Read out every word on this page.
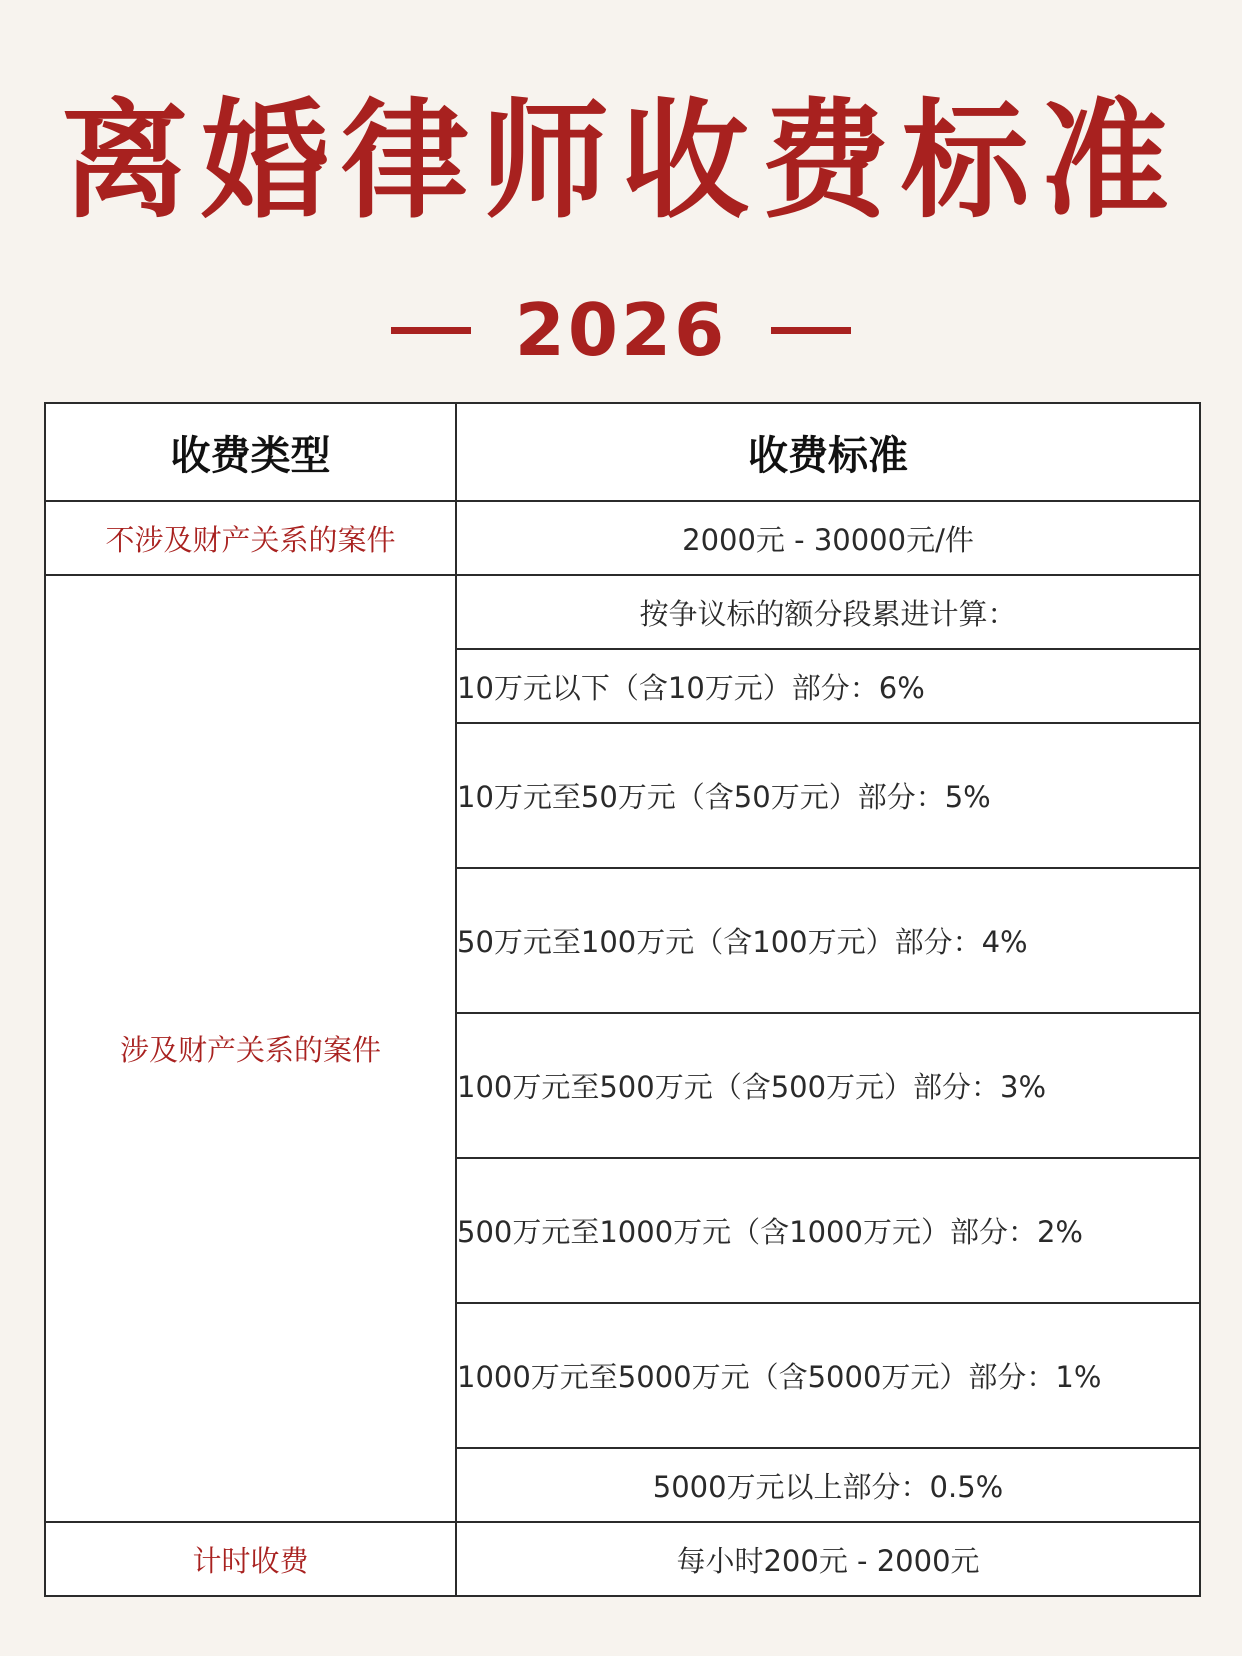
离婚律师收费标准
2026
收费类型	收费标准
不涉及财产关系的案件	2000元 - 30000元/件
涉及财产关系的案件	按争议标的额分段累进计算：
	10万元以下（含10万元）部分：6%
	10万元至50万元（含50万元）部分：5%
	50万元至100万元（含100万元）部分：4%
	100万元至500万元（含500万元）部分：3%
	500万元至1000万元（含1000万元）部分：2%
	1000万元至5000万元（含5000万元）部分：1%
	5000万元以上部分：0.5%
计时收费	每小时200元 - 2000元
